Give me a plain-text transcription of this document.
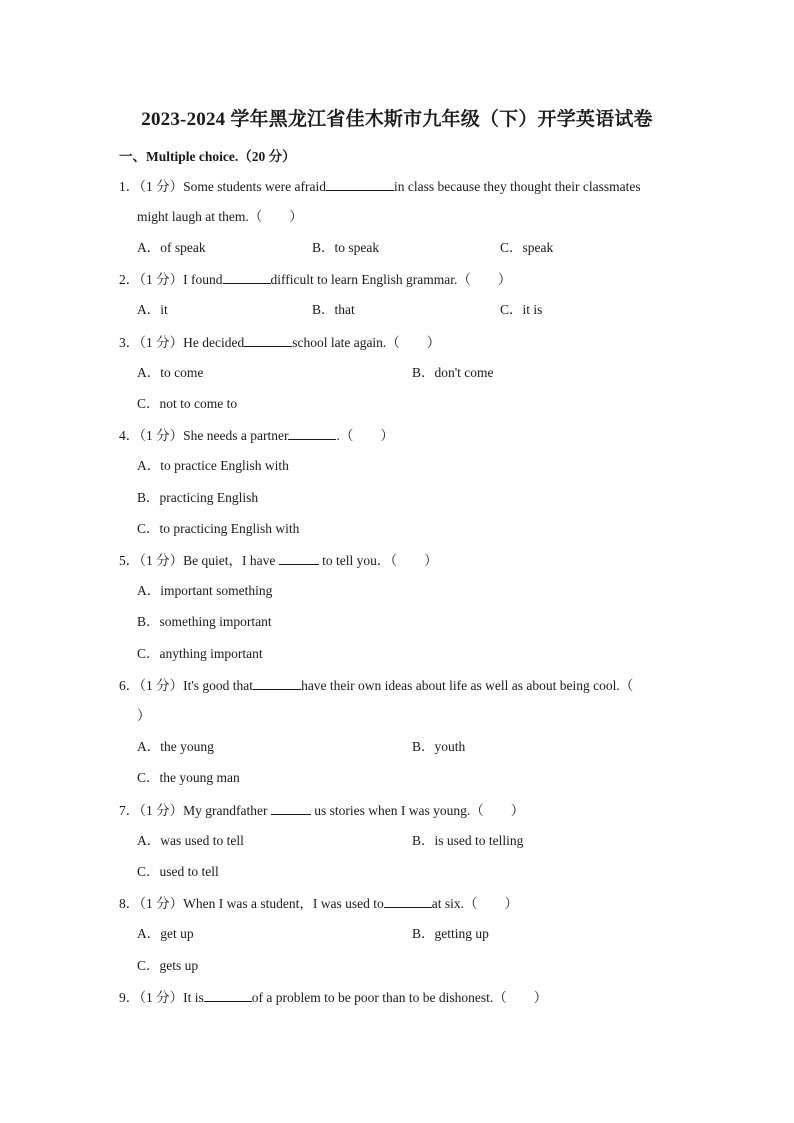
2023-2024 学年黑龙江省佳木斯市九年级（下）开学英语试卷
一、Multiple choice.（20 分）
1．（1 分）Some students were afraid	in class because they thought their classmates
might laugh at them.（　　）
A．of speak	B．to speak	C．speak
2．（1 分）I found	difficult to learn English grammar.（　　）
A．it	B．that	C．it is
3．（1 分）He decided	school late again.（　　）
A．to come	B．don't come
C．not to come to
4．（1 分）She needs a partner	.（　　）
A．to practice English with
B．practicing English
C．to practicing English with
5．（1 分）Be quiet，I have	to tell you．（　　）
A．important something
B．something important
C．anything important
6．（1 分）It's good that	have their own ideas about life as well as about being cool.（
）
A．the young	B．youth
C．the young man
7．（1 分）My grandfather	us stories when I was young.（　　）
A．was used to tell	B．is used to telling
C．used to tell
8．（1 分）When I was a student，I was used to	at six.（　　）
A．get up	B．getting up
C．gets up
9．（1 分）It is	of a problem to be poor than to be dishonest.（　　）
